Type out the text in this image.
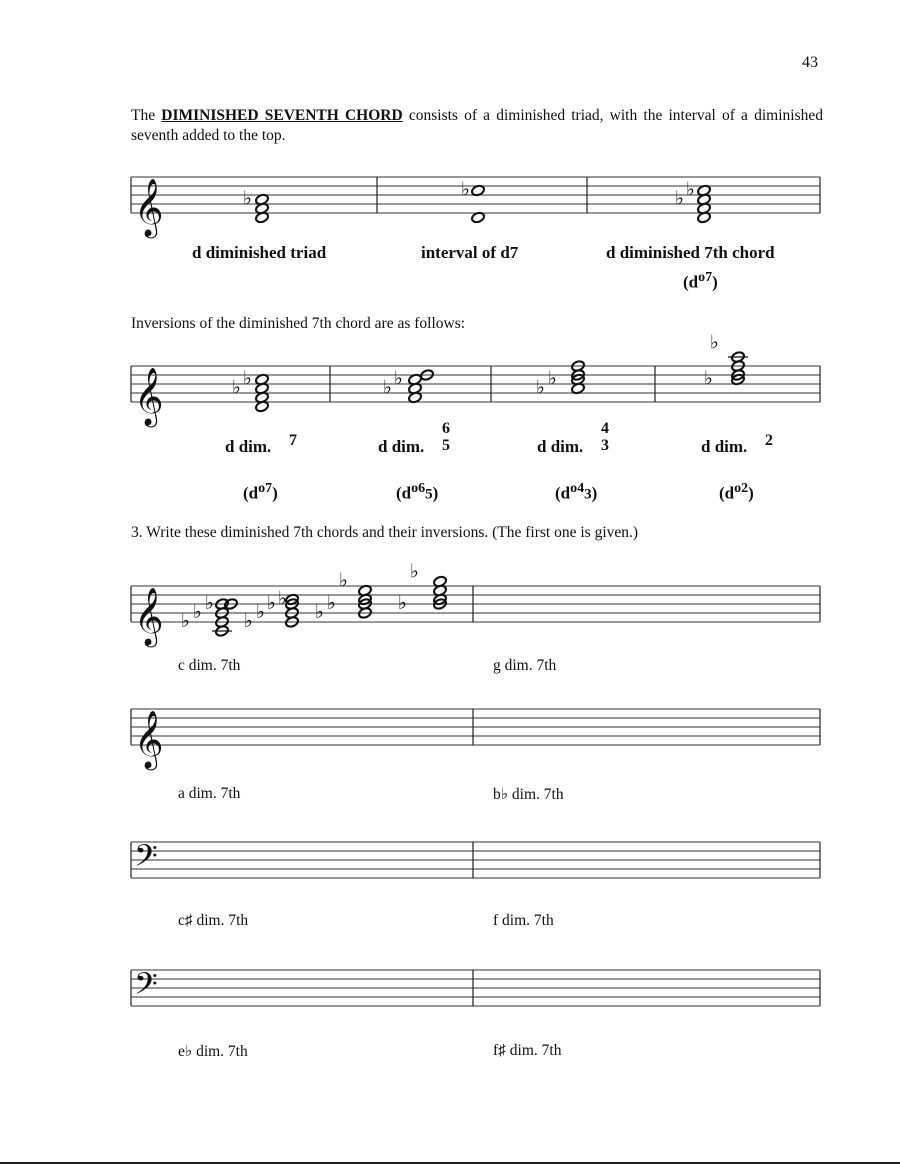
43
The DIMINISHED SEVENTH CHORD consists of a diminished triad, with the interval of a diminished seventh added to the top.
d diminished triad	interval of d7	d diminished 7th chord
$(d^{o7})$
Inversions of the diminished 7th chord are as follows:
d dim. 7
$(d^{o7})$
d dim.
6
5
$(d^{o6}5)$
d dim.
4
3
$(d^{o4}3)$
d dim. 2
$(d^{o2})$
3. Write these diminished 7th chords and their inversions. (The first one is given.)
c dim. 7th	g dim. 7th
a dim. 7th	b♭ dim. 7th
c♯ dim. 7th	f dim. 7th
e♭ dim. 7th	f♯ dim. 7th
𝄞	♭	♭	♭ ♭
𝄞	♭ ♭	♭ ♭	♭ ♭	♭
♭
𝄞 ♭ ♭ ♭
♭ ♭ ♭ ♭
♭ ♭
♭
♭
♭
𝄞
𝄢
𝄢
